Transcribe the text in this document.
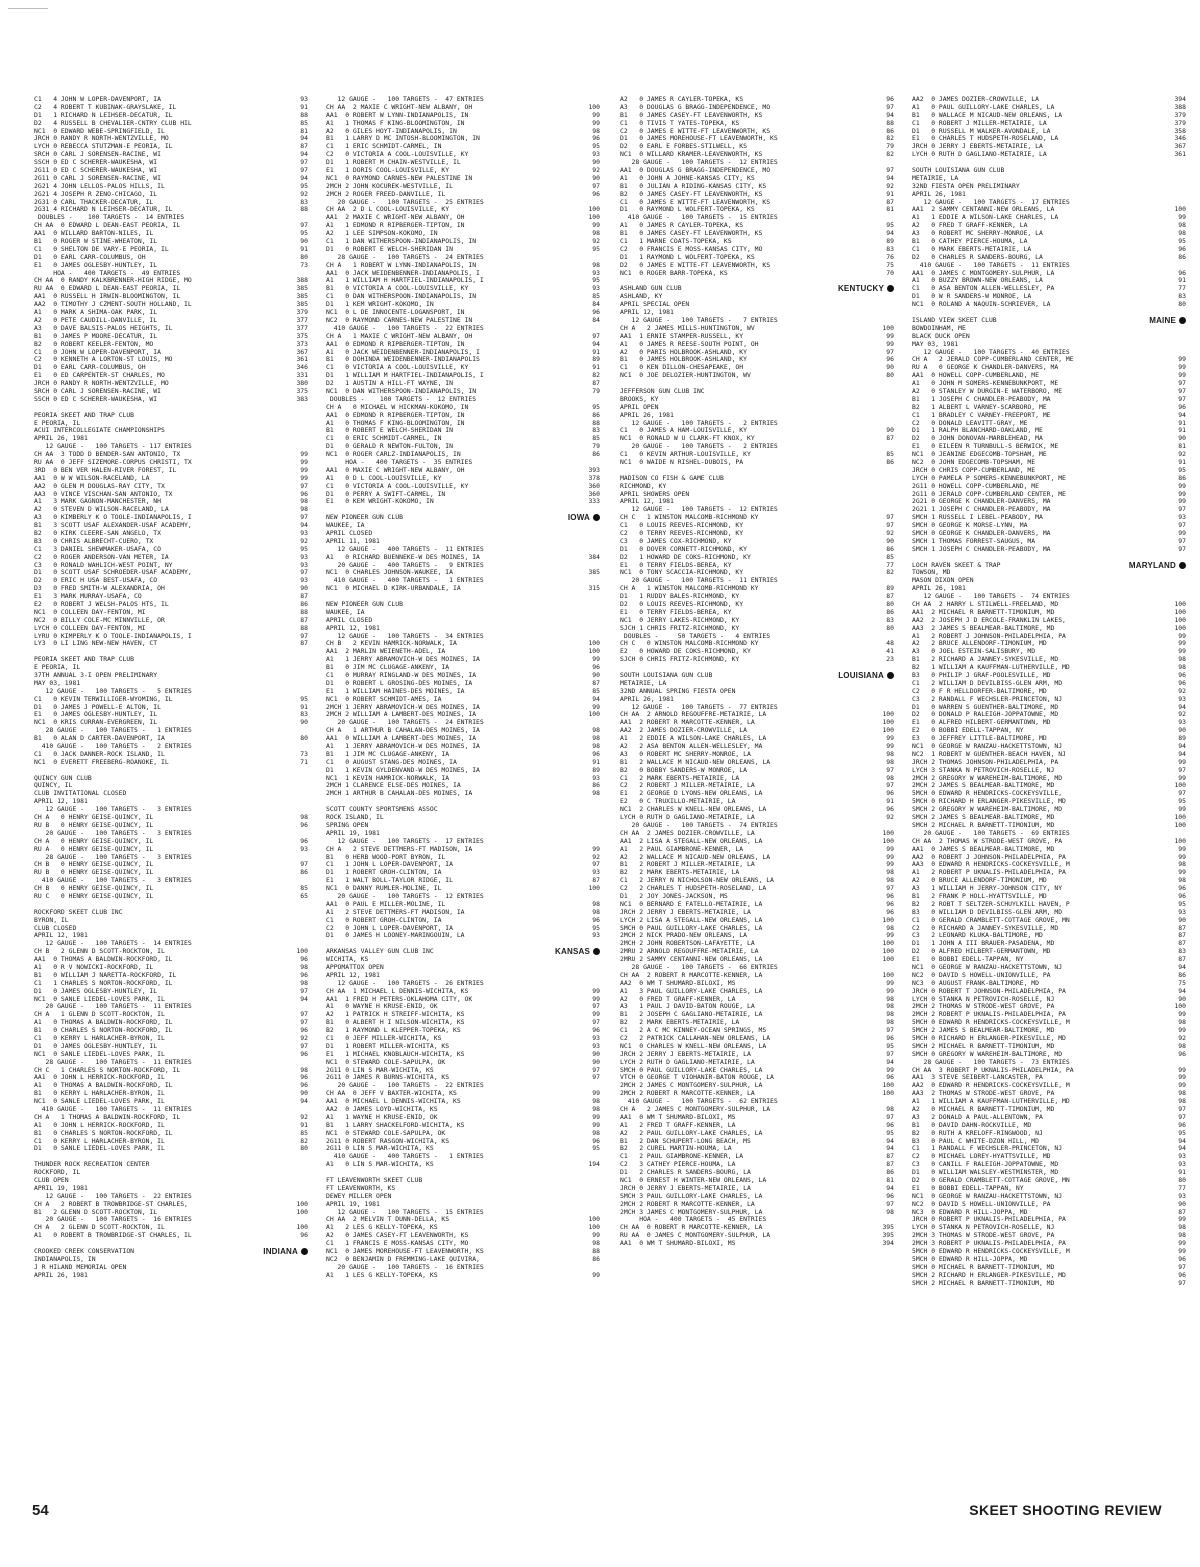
C1   4 JOHN W LOPER-DAVENPORT, IA	93
C2   4 ROBERT T KUBINAK-GRAYSLAKE, IL	91
D1   1 RICHARD N LEIHSER-DECATUR, IL	88
D2   4 RUSSELL B CHEVALIER-CNTRY CLUB HIL	85
NC1  0 EDWARD WEBE-SPRINGFIELD, IL	81
JRCH 0 RANDY R NORTH-WENTZVILLE, MO	94
LYCH 0 REBECCA STUTZMAN-E PEORIA, IL	87
SRCH 0 CARL J SORENSEN-RACINE, WI	94
SSCH 0 ED C SCHERER-WAUKESHA, WI	97
2G11 0 ED C SCHERER-WAUKESHA, WI	97
2G11 0 CARL J SORENSEN-RACINE, WI	94
2G21 4 JOHN LELLOS-PALOS HILLS, IL	95
2G21 4 JOSEPH R ZENO-CHICAGO, IL	92
2G31 0 CARL THACKER-DECATUR, IL	83
2G31 4 RICHARD N LEIHSER-DECATUR, IL	88
DOUBLES -    100 TARGETS -  14 ENTRIES
CH AA  0 EDWARD L DEAN-EAST PEORIA, IL	97
AA1  0 WILLARD BARTON-NILES, IL	95
B1   0 ROGER W STINE-WHEATON, IL	90
C1   0 SHELTON DE VARY-E PEORIA, IL	91
D1   0 EARL CARR-COLUMBUS, OH	80
E1   0 JAMES OGLESBY-HUNTLEY, IL	73
HOA -   400 TARGETS -  49 ENTRIES
CH AA  0 RANDY KALKBRENNER-HIGH RIDGE, MO	388
RU AA  0 EDWARD L DEAN-EAST PEORIA, IL	385
AA1  0 RUSSELL H IRWIN-BLOOMINGTON, IL	385
AA2  0 TIMOTHY J CZMENT-SOUTH HOLLAND, IL	385
A1   0 MARK A SHIMA-OAK PARK, IL	379
A2   0 PETE CAUDILL-DANVILLE, IL	377
A3   0 DAVE BALSIS-PALOS HEIGHTS, IL	377
B1   0 JAMES P MOORE-DECATUR, IL	375
B2   0 ROBERT KEELER-FENTON, MO	373
C1   0 JOHN W LOPER-DAVENPORT, IA	367
C2   0 KENNETH A LORTON-ST LOUIS, MO	361
D1   0 EARL CARR-COLUMBUS, OH	346
E1   0 ED CARPENTER-ST CHARLES, MO	331
JRCH 0 RANDY R NORTH-WENTZVILLE, MO	380
SRCH 0 CARL J SORENSEN-RACINE, WI	375
SSCH 0 ED C SCHERER-WAUKESHA, WI	383
PEORIA SKEET AND TRAP CLUB
E PEORIA, IL
ACUI INTERCOLLEGIATE CHAMPIONSHIPS
APRIL 26, 1981
12 GAUGE -   100 TARGETS - 117 ENTRIES
CH AA  3 TODD D BENDER-SAN ANTONIO, TX	99
RU AA  0 JEFF SIZEMORE-CORPUS CHRISTI, TX	99
3RD  0 BEN VER HALEN-RIVER FOREST, IL	99
AA1  0 W W WILSON-RACELAND, LA	99
AA2  0 GLEN M DOUGLAS-RAY CITY, TX	97
AA3  0 VINCE VISCHAN-SAN ANTONIO, TX	96
A1   3 MARK GAGNON-MANCHESTER, NH	98
A2   0 STEVEN D WILSON-RACELAND, LA	98
A3   0 KIMBERLY K O TOOLE-INDIANAPOLIS, I	97
B1   3 SCOTT USAF ALEXANDER-USAF ACADEMY,	94
B2   0 KIRK CLEERE-SAN ANGELO, TX	93
B3   0 CHRIS ALBRECHT-CUERO, TX	92
C1   3 DANIEL SHEWMAKER-USAFA, CO	95
C2   0 ROGER ANDERSON-VAN METER, IA	93
C3   0 RONALD WAHLICH-WEST POINT, NY	93
D1   0 SCOTT USAF SCHROEDER-USAF ACADEMY,	97
D2   0 ERIC H USA BEST-USAFA, CO	93
D3   0 FRED SMITH-W ALEXANDRIA, OH	90
E1   3 MARK MURRAY-USAFA, CO	87
E2   0 ROBERT J WELSH-PALOS HTS, IL	86
NC1  0 COLLEEN DAY-FENTON, MI	88
NC2  0 BILLY COLE-MC MINNVILLE, OR	87
LYCH 0 COLLEEN DAY-FENTON, MI	88
LYRU 0 KIMPERLY K O TOOLE-INDIANAPOLIS, I	97
LY3  0 LI LING NEW-NEW HAVEN, CT	87
PEORIA SKEET AND TRAP CLUB
E PEORIA, IL
37TH ANNUAL 3-I OPEN PRELIMINARY
MAY 03, 1981
12 GAUGE -   100 TARGETS -   5 ENTRIES
C1   0 KEVIN TERWILLIGER-WYOMING, IL	95
D1   0 JAMES J POWELL-E ALTON, IL	91
E1   0 JAMES OGLESBY-HUNTLEY, IL	83
NC1  0 KRIS CURRAN-EVERGREEN, IL	90
28 GAUGE -   100 TARGETS -   1 ENTRIES
B1   0 ALAN D CARTER-DAVENPORT, IA	80
410 GAUGE -   100 TARGETS -   2 ENTRIES
C1   0 JACK DANNER-ROCK ISLAND, IL	73
NC1  0 EVERETT FREEBERG-ROANOKE, IL	71
QUINCY GUN CLUB
QUINCY, IL
CLUB INVITATIONAL CLOSED
APRIL 12, 1981
12 GAUGE -   100 TARGETS -   3 ENTRIES
CH A   0 HENRY GEISE-QUINCY, IL	98
RU B   0 HENRY GEISE-QUINCY, IL	96
20 GAUGE -   100 TARGETS -   3 ENTRIES
CH A   0 HENRY GEISE-QUINCY, IL	96
RU A   0 HENRY GEISE-QUINCY, IL	93
28 GAUGE -   100 TARGETS -   3 ENTRIES
CH B   0 HENRY GEISE-QUINCY, IL	97
RU B   0 HENRY GEISE-QUINCY, IL	86
410 GAUGE -   100 TARGETS -   3 ENTRIES
CH B   0 HENRY GEISE-QUINCY, IL	85
RU C   0 HENRY GEISE-QUINCY, IL	65
ROCKFORD SKEET CLUB INC
BYRON, IL
CLUB CLOSED
APRIL 12, 1981
12 GAUGE -   100 TARGETS -  14 ENTRIES
CH B   2 GLENN D SCOTT-ROCKTON, IL	100
AA1  0 THOMAS A BALDWIN-ROCKFORD, IL	96
A1   0 R V NOWICKI-ROCKFORD, IL	98
B1   0 WILLIAM J NARETTA-ROCKFORD, IL	96
C1   1 CHARLES S NORTON-ROCKFORD, IL	98
D1   0 JAMES OGLESBY-HUNTLEY, IL	97
NC1  0 SANLE LIEDEL-LOVES PARK, IL	94
20 GAUGE -   100 TARGETS -  11 ENTRIES
CH A   1 GLENN D SCOTT-ROCKTON, IL	97
A1   0 THOMAS A BALDWIN-ROCKFORD, IL	97
B1   0 CHARLES S NORTON-ROCKFORD, IL	96
C1   0 KERRY L HARLACHER-BYRON, IL	92
D1   0 JAMES OGLESBY-HUNTLEY, IL	97
NC1  0 SANLE LIEDEL-LOVES PARK, IL	96
28 GAUGE -   100 TARGETS -  11 ENTRIES
CH C   1 CHARLES S NORTON-ROCKFORD, IL	98
AA1  0 JOHN L HERRICK-ROCKFORD, IL	96
A1   0 THOMAS A BALDWIN-ROCKFORD, IL	96
B1   0 KERRY L HARLACHER-BYRON, IL	90
NC1  0 SANLE LIEDEL-LOVES PARK, IL	94
410 GAUGE -   100 TARGETS -  11 ENTRIES
CH A   1 THOMAS A BALDWIN-ROCKFORD, IL	92
A1   0 JOHN L HERRICK-ROCKFORD, IL	91
B1   0 CHARLES S NORTON-ROCKFORD, IL	85
C1   0 KERRY L HARLACHER-BYRON, IL	82
D1   0 SANLE LIEDEL-LOVES PARK, IL	80
THUNDER ROCK RECREATION CENTER
ROCKFORD, IL
CLUB OPEN
APRIL 19, 1981
12 GAUGE -   100 TARGETS -  22 ENTRIES
CH A   2 ROBERT B TROWBRIDGE-ST CHARLES,	100
B1   2 GLENN D SCOTT-ROCKTON, IL	100
20 GAUGE -   100 TARGETS -  16 ENTRIES
CH A   2 GLENN D SCOTT-ROCKTON, IL	100
A1   0 ROBERT B TROWBRIDGE-ST CHARLES, IL	96
CROOKED CREEK CONSERVATION	INDIANA
INDIANAPOLIS, IN
J R HILAND MEMORIAL OPEN
APRIL 26, 1981
12 GAUGE -   100 TARGETS -  47 ENTRIES
CH AA  2 MAXIE C WRIGHT-NEW ALBANY, OH	100
AA1  0 ROBERT W LYNN-INDIANAPOLIS, IN	99
A1   1 THOMAS F KING-BLOOMINGTON, IN	99
A2   0 GILES HOYT-INDIANAPOLIS, IN	98
B1   1 LARRY D MC INTOSH-BLOOMINGTON, IN	96
C1   1 ERIC SCHMIDT-CARMEL, IN	95
C2   0 VICTORIA A COOL-LOUISVILLE, KY	93
D1   1 ROBERT M CHAIN-WESTVILLE, IL	90
E1   1 DORIS COOL-LOUISVILLE, KY	92
NC1  0 RAYMOND CARNES-NEW PALESTINE IN	90
2MCH 2 JOHN KOCUREK-WESTVILLE, IL	97
2MCH 2 ROGER FREED-DANVILLE, IL	96
20 GAUGE -   100 TARGETS -  25 ENTRIES
CH AA  2 D L COOL-LOUISVILLE, KY	100
AA1  2 MAXIE C WRIGHT-NEW ALBANY, OH	100
A1   1 EDMOND R RIPBERGER-TIPTON, IN	99
A2   1 LEE SIMPSON-KOKOMO, IN	98
C1   1 DAN WITHERSPOON-INDIANAPOLIS, IN	92
D1   0 ROBERT E WELCH-SHERIDAN IN	95
28 GAUGE -   100 TARGETS -  24 ENTRIES
CH A   1 ROBERT W LYNN-INDIANAPOLIS, IN	98
AA1  0 JACK WEIDENBENNER-INDIANAPOLIS, I	93
A1   1 WILLIAM H HARTFIEL-INDIANAPOLIS, I	95
B1   0 VICTORIA A COOL-LOUISVILLE, KY	93
C1   0 DAN WITHERSPOON-INDIANAPOLIS, IN	85
D1   1 KEM WRIGHT-KOKOMO, IN	84
NC1  0 L DE INNOCENTE-LOGANSPORT, IN	96
NC2  0 RAYMOND CARNES-NEW PALESTINE IN	84
410 GAUGE -   100 TARGETS -  22 ENTRIES
CH A   1 MAXIE C WRIGHT-NEW ALBANY, OH	97
AA1  0 EDMOND R RIPBERGER-TIPTON, IN	94
A1   0 JACK WEIDENBENNER-INDIANAPOLIS, I	91
B1   0 DOHINDA WEIDENBENNER-INDIANAPOLIS	89
C1   0 VICTORIA A COOL-LOUISVILLE, KY	91
D1   1 WILLIAM M HARTFIEL-INDIANAPOLIS, I	82
D2   1 AUSTIN A HILL-FT WAYNE, IN	87
NC1  0 DAN WITHERSPOON-INDIANAPOLIS, IN	79
DOUBLES -    100 TARGETS -  12 ENTRIES
CH A   0 MICHAEL W HICKMAN-KOKOMO, IN	95
AA1  0 EDMOND R RIPBERGER-TIPTON, IN	86
A1   0 THOMAS F KING-BLOOMINGTON, IN	88
B1   0 ROBERT E WELCH-SHERIDAN IN	83
C1   0 ERIC SCHMIDT-CARMEL, IN	85
D1   0 GERALD R NEWTON-FULTON, IN	79
NC1  0 ROGER CARLZ-INDIANAPOLIS, IN	86
HOA -   400 TARGETS -  35 ENTRIES
AA1  0 MAXIE C WRIGHT-NEW ALBANY, OH	393
A1   0 D L COOL-LOUISVILLE, KY	378
C1   0 VICTORIA A COOL-LOUISVILLE, KY	360
D1   0 PERRY A SWIFT-CARMEL, IN	360
E1   0 KEM WRIGHT-KOKOMO, IN	333
NEW PIONEER GUN CLUB	IOWA
WAUKEE, IA
APRIL CLOSED
APRIL 11, 1981
12 GAUGE -   400 TARGETS -  11 ENTRIES
A1   0 RICHARD BUENNEKE-W DES MOINES, IA	384
20 GAUGE -   400 TARGETS -   9 ENTRIES
NC1  0 CHARLES JOHNSON-WAUKEE, IA	385
410 GAUGE -   400 TARGETS -   1 ENTRIES
NC1  0 MICHAEL D KIRK-URBANDALE, IA	315
NEW PIONEER GUN CLUB
WAUKEE, IA
APRIL CLOSED
APRIL 12, 1981
12 GAUGE -   100 TARGETS -  34 ENTRIES
CH B   2 KEVIN HAMRICK-NORWALK, IA	100
AA1  2 MARLIN WEIENETH-ADEL, IA	100
A1   1 JERRY ABRAMOVICH-W DES MOINES, IA	99
B1   0 JIM MC CLUGAGE-ANKENY, IA	96
C1   0 MURRAY RINGLAND-W DES MOINES, IA	90
D1   0 ROBERT L GROSING-DES MOINES, IA	87
E1   1 WILLIAM HAINES-DES MOINES, IA	85
NC1  0 ROBERT SCHMIDT-AMES, IA	94
2MCH 1 JERRY ABRAMOVICH-W DES MOINES, IA	99
2MCH 2 WILLIAM A LAMBERT-DES MOINES, IA	100
20 GAUGE -   100 TARGETS -  24 ENTRIES
CH A   1 ARTHUR B CAHALAN-DES MOINES, IA	98
AA1  0 WILLIAM A LAMBERT-DES MOINES, IA	98
A1   1 JERRY ABRAMOVICH-W DES MOINES, IA	98
B1   1 JIM MC CLUGAGE-ANKENY, IA	96
C1   0 AUGUST STANG-DES MOINES, IA	91
D1   1 KEVIN GYLDENVAND-W DES MOINES, IA	89
NC1  1 KEVIN HAMRICK-NORWALK, IA	93
2MCH 1 CLARENCE ELSE-DES MOINES, IA	86
2MCH 1 ARTHUR B CAHALAN-DES MOINES, IA	98
SCOTT COUNTY SPORTSMENS ASSOC
ROCK ISLAND, IL
SPRING OPEN
APRIL 19, 1981
12 GAUGE -   100 TARGETS -  17 ENTRIES
CH A   2 STEVE DETTMERS-FT MADISON, IA	99
B1   0 HERB WOOD-PORT BYRON, IL	92
C1   1 JOHN L LOPER-DAVENPORT, IA	97
D1   1 ROBERT GROH-CLINTON, IA	93
E1   1 WALT BOLL-TAYLOR RIDGE, IL	87
NC1  0 DANNY RUMLER-MOLINE, IL	100
20 GAUGE -   100 TARGETS -  12 ENTRIES
AA1  0 PAUL E MILLER-MOLINE, IL	98
A1   2 STEVE DETTMERS-FT MADISON, IA	98
C1   0 ROBERT GROH-CLINTON, IA	96
C2   0 JOHN L LOPER-DAVENPORT, IA	95
D1   0 JAMES H LOONEY-MARINGOUIN, LA	93
ARKANSAS VALLEY GUN CLUB INC	KANSAS
WICHITA, KS
APPOMATTOX OPEN
APRIL 12, 1981
12 GAUGE -   100 TARGETS -  26 ENTRIES
CH AA  1 MICHAEL L DENNIS-WICHITA, KS	99
AA1  1 FRED H PETERS-OKLAHOMA CITY, OK	99
A1   0 WAYNE H KRUSE-ENID, OK	97
A2   1 PATRICK H STREIFF-WICHITA, KS	99
B1   0 ALBERT H I NILSON-WICHITA, KS	97
B2   1 RAYMOND L KLEPPER-TOPEKA, KS	96
C1   0 JEFF MILLER-WICHITA, KS	93
D1   1 ROBERT MILLER-WICHITA, KS	93
E1   1 MICHAEL KNOBLAUCH-WICHITA, KS	90
NC1  0 STEWARD COLE-SAPULPA, OK	90
2G11 0 LIN S MAR-WICHITA, KS	97
2G11 0 JAMES R BURNS-WICHITA, KS	97
20 GAUGE -   100 TARGETS -  22 ENTRIES
CH AA  0 JEFF V BAXTER-WICHITA, KS	99
AA1  0 MICHAEL L DENNIS-WICHITA, KS	98
AA2  0 JAMES LOYD-WICHITA, KS	98
A1   1 WAYNE H KRUSE-ENID, OK	99
B1   1 LARRY SHACKELFORD-WICHITA, KS	99
NC1  0 STEWARD COLE-SAPULPA, OK	98
2G11 0 ROBERT RASGON-WICHITA, KS	96
2G11 0 LIN S MAR-WICHITA, KS	95
410 GAUGE -   400 TARGETS -   1 ENTRIES
A1   0 LIN S MAR-WICHITA, KS	194
FT LEAVENWORTH SKEET CLUB
FT LEAVENWORTH, KS
DEWEY MILLER OPEN
APRIL 19, 1981
12 GAUGE -   100 TARGETS -  15 ENTRIES
CH AA  2 MELVIN T DUNN-DELLA, KS	100
A1   2 LES G KELLY-TOPEKA, KS	100
A2   0 JAMES CASEY-FT LEAVENWORTH, KS	99
C1   1 FRANCIS E MOSS-KANSAS CITY, MO	98
NC1  0 JAMES MOREHOUSE-FT LEAVENWORTH, KS	88
NC2  0 BENJAMIN D FREMMING-LAKE QUIVIRA,	86
20 GAUGE -   100 TARGETS -  16 ENTRIES
A1   1 LES G KELLY-TOPEKA, KS	99
A2   0 JAMES R CAYLER-TOPEKA, KS	96
A3   0 DOUGLAS G BRAGG-INDEPENDENCE, MO	97
B1   0 JAMES CASEY-FT LEAVENWORTH, KS	94
C1   0 TIVIS T YATES-TOPEKA, KS	88
C2   0 JAMES E WITTE-FT LEAVENWORTH, KS	86
D1   0 JAMES MOREHOUSE-FT LEAVENWORTH, KS	82
D2   0 EARL E FORBES-STILWELL, KS	79
NC1  0 WILLARD KRAMER-LEAVENWORTH, KS	82
28 GAUGE -   100 TARGETS -  12 ENTRIES
AA1  0 DOUGLAS G BRAGG-INDEPENDENCE, MO	97
A1   0 JOHN A JOHNE-KANSAS CITY, KS	94
B1   0 JULIAN A RIDING-KANSAS CITY, KS	92
B2   0 JAMES CASEY-FT LEAVENWORTH, KS	91
C1   0 JAMES E WITTE-FT LEAVENWORTH, KS	87
D1   0 RAYMOND L WOLFERT-TOPEKA, KS	81
410 GAUGE -   100 TARGETS -  15 ENTRIES
A1   0 JAMES R CAYLER-TOPEKA, KS	95
B1   0 JAMES CASEY-FT LEAVENWORTH, KS	94
C1   1 MARNE COATS-TOPEKA, KS	89
C2   0 FRANCIS E MOSS-KANSAS CITY, MO	83
D1   1 RAYMOND L WOLFERT-TOPEKA, KS	76
D2   0 JAMES E WITTE-FT LEAVENWORTH, KS	75
NC1  0 ROGER BARR-TOPEKA, KS	70
ASHLAND GUN CLUB	KENTUCKY
ASHLAND, KY
APRIL SPECIAL OPEN
APRIL 12, 1981
12 GAUGE -   100 TARGETS -   7 ENTRIES
CH A   2 JAMES MILLS-HUNTINGTON, WV	100
AA1  1 ERNIE STAMPER-RUSSELL, KY	99
A1   0 JAMES R REESE-SOUTH POINT, OH	99
A2   0 PARIS HOLBROOK-ASHLAND, KY	97
B1   0 JAMES HOLBROOK-ASHLAND, KY	96
C1   0 KEN DILLON-CHESAPEAKE, OH	90
NC1  0 JOE DELOZIER-HUNTINGTON, WV	80
JEFFERSON GUN CLUB INC
BROOKS, KY
APRIL OPEN
APRIL 26, 1981
12 GAUGE -   100 TARGETS -   2 ENTRIES
C1   0 JAMES A HAM-LOUISVILLE, KY	90
NC1  0 RONALD W U CLARK-FT KNOX, KY	87
20 GAUGE -   100 TARGETS -   2 ENTRIES
C1   0 KEVIN ARTHUR-LOUISVILLE, KY	85
NC1  0 WAIDE N RISHEL-DUBOIS, PA	86
MADISON CO FISH & GAME CLUB
RICHMOND, KY
APRIL SHOWERS OPEN
APRIL 12, 1981
12 GAUGE -   100 TARGETS -  12 ENTRIES
CH C   1 WINSTON MALCOMB-RICHMOND KY	97
C1   0 LOUIS REEVES-RICHMOND, KY	97
C2   0 TERRY REEVES-RICHMOND, KY	92
C3   0 JAMES COX-RICHMOND, KY	90
D1   0 DOVER CORNETT-RICHMOND, KY	86
D2   1 HOWARD DE COKS-RICHMOND, KY	85
E1   0 TERRY FIELDS-BEREA, KY	77
NC1  0 TONY SCACCIA-RICHMOND, KY	82
20 GAUGE -   100 TARGETS -  11 ENTRIES
CH A   1 WINSTON MALCOMB-RICHMOND KY	89
D1   1 RUDDY BALES-RICHMOND, KY	87
D2   0 LOUIS REEVES-RICHMOND, KY	80
E1   0 TERRY FIELDS-BEREA, KY	86
NC1  0 JERRY LAKES-RICHMOND, KY	83
SJCH 1 CHRIS FRITZ-RICHMOND, KY	80
DOUBLES -     50 TARGETS -   4 ENTRIES
CH C   0 WINSTON MALCOMB-RICHMOND KY	48
E2   0 HOWARD DE COKS-RICHMOND, KY	41
SJCH 0 CHRIS FRITZ-RICHMOND, KY	23
SOUTH LOUISIANA GUN CLUB	LOUISIANA
METAIRIE, LA
32ND ANNUAL SPRING FIESTA OPEN
APRIL 26, 1981
12 GAUGE -   100 TARGETS -  77 ENTRIES
CH AA  2 ARNOLD REGOUFFRE-METAIRIE, LA	100
AA1  2 ROBERT R MARCOTTE-KENNER, LA	100
AA2  2 JAMES DOZIER-CROWVILLE, LA	100
A1   2 EDDIE A WILSON-LAKE CHARLES, LA	99
A2   2 ASA BENTON ALLEN-WELLESLEY, MA	99
A3   0 ROBERT MC SHERRY-MONROE, LA	98
B1   2 WALLACE M NICAUD-NEW ORLEANS, LA	98
B2   0 BOBBY SANDERS-W MONROE, LA	97
C1   2 MARK EBERTS-METAIRIE, LA	98
C2   2 ROBERT J MILLER-METAIRIE, LA	97
E1   2 GEORGE D LYONS-NEW ORLEANS, LA	96
E2   0 C TRUXILLO-METAIRIE, LA	91
NC1  2 CHARLES W KNELL-NEW ORLEANS, LA	96
LYCH 0 RUTH D GAGLIANO-METAIRIE, LA	92
20 GAUGE -   100 TARGETS -  74 ENTRIES
CH AA  2 JAMES DOZIER-CROWVILLE, LA	100
AA1  2 LISA A STEGALL-NEW ORLEANS, LA	100
A1   2 PAUL GIAMBRONE-KENNER, LA	99
A2   2 WALLACE M NICAUD-NEW ORLEANS, LA	99
B1   2 ROBERT J MILLER-METAIRIE, LA	99
B2   2 MARK EBERTS-METAIRIE, LA	98
C1   2 JERRY N NICHOLSON-NEW ORLEANS, LA	98
C2   2 CHARLES T HUDSPETH-ROSELAND, LA	97
D1   2 JOY JONES-JACKSON, MS	96
NC1  0 BERNARD E FATELLO-METAIRIE, LA	96
JRCH 2 JERRY J EBERTS-METAIRIE, LA	96
LYCH 2 LISA A STEGALL-NEW ORLEANS, LA	100
SMCH 0 PAUL GUILLORY-LAKE CHARLES, LA	98
2MCH 2 NICK PRADO-NEW ORLEANS, LA	99
2MCH 2 JOHN ROBERTSON-LAFAYETTE, LA	100
2MRU 2 ARNOLD REGOUFFRE-METAIRIE, LA	100
2MRU 2 SAMMY CENTANNI-NEW ORLEANS, LA	100
28 GAUGE -   100 TARGETS -  66 ENTRIES
CH AA  2 ROBERT R MARCOTTE-KENNER, LA	100
AA2  0 WM T SHUMARD-BILOXI, MS	99
A1   3 PAUL GUILLORY-LAKE CHARLES, LA	99
A2   0 FRED T GRAFF-KENNER, LA	98
A3   1 PAUL J DAVID-BATON ROUGE, LA	98
B1   2 JOSEPH C GAGLIANO-METAIRIE, LA	98
B2   2 MARK EBERTS-METAIRIE, LA	98
C1   2 A C MC KINNEY-OCEAN SPRINGS, MS	97
C2   2 PATRICK CALLAHAN-NEW ORLEANS, LA	96
NC1  0 CHARLES W KNELL-NEW ORLEANS, LA	95
JRCH 2 JERRY J EBERTS-METAIRIE, LA	97
LYCH 2 RUTH D GAGLIANO-METAIRIE, LA	94
SMCH 0 PAUL GUILLORY-LAKE CHARLES, LA	99
VTCH 0 GEORGE T VIOHANIR-BATON ROUGE, LA	96
2MCH 2 JAMES C MONTGOMERY-SULPHUR, LA	100
2MCH 2 ROBERT R MARCOTTE-KENNER, LA	100
410 GAUGE -   100 TARGETS -  62 ENTRIES
CH A   2 JAMES C MONTGOMERY-SULPHUR, LA	98
AA1  0 WM T SHUMARD-BILOXI, MS	97
A1   2 FRED T GRAFF-KENNER, LA	96
A2   2 PAUL GUILLORY-LAKE CHARLES, LA	95
B1   2 DAN SCHUPERT-LONG BEACH, MS	94
B2   2 CUREL MARTIN-HOUMA, LA	94
C1   2 PAUL GIAMBRONE-KENNER, LA	87
C2   3 CATHEY PIERCE-HOUMA, LA	87
D1   2 CHARLES R SANDERS-BOURG, LA	86
NC1  0 ERNEST H WINTER-NEW ORLEANS, LA	81
JRCH 0 JERRY J EBERTS-METAIRIE, LA	94
SMCH 3 PAUL GUILLORY-LAKE CHARLES, LA	96
2MCH 2 ROBERT R MARCOTTE-KENNER, LA	97
2MCH 3 JAMES C MONTGOMERY-SULPHUR, LA	98
HOA -   400 TARGETS -  45 ENTRIES
CH AA  0 ROBERT R MARCOTTE-KENNER, LA	395
RU AA  0 JAMES C MONTGOMERY-SULPHUR, LA	395
AA1  0 WM T SHUMARD-BILOXI, MS	394
AA2  0 JAMES DOZIER-CROWVILLE, LA	394
A1   0 PAUL GUILLORY-LAKE CHARLES, LA	388
B1   0 WALLACE M NICAUD-NEW ORLEANS, LA	379
C1   0 ROBERT J MILLER-METAIRIE, LA	379
D1   0 RUSSELL M WALKER-AVONDALE, LA	358
E1   0 CHARLES T HUDSPETH-ROSELAND, LA	346
JRCH 0 JERRY J EBERTS-METAIRIE, LA	367
LYCH 0 RUTH D GAGLIANO-METAIRIE, LA	361
SOUTH LOUISIANA GUN CLUB
METAIRIE, LA
32ND FIESTA OPEN PRELIMINARY
APRIL 26, 1981
12 GAUGE -   100 TARGETS -  17 ENTRIES
AA1  2 SAMMY CENTANNI-NEW ORLEANS, LA	100
A1   1 EDDIE A WILSON-LAKE CHARLES, LA	99
A2   0 FRED T GRAFF-KENNER, LA	98
A3   0 ROBERT MC SHERRY-MONROE, LA	98
B1   0 CATHEY PIERCE-HOUMA, LA	95
C1   0 MARK EBERTS-METAIRIE, LA	96
D2   0 CHARLES R SANDERS-BOURG, LA	86
410 GAUGE -   100 TARGETS -  11 ENTRIES
AA1  0 JAMES C MONTGOMERY-SULPHUR, LA	96
A1   0 BUZZY BROWN-NEW ORLEANS, LA	91
C1   0 ASA BENTON ALLEN-WELLESLEY, PA	77
D1   0 W R SANDERS-W MONROE, LA	83
NC1  0 ROLAND A NAQUIN-SCHRIEVER, LA	80
ISLAND VIEW SKEET CLUB	MAINE
BOWDOINHAM, ME
BLACK DUCK OPEN
MAY 03, 1981
12 GAUGE -   100 TARGETS -  40 ENTRIES
CH A   2 JERALD COPP-CUMBERLAND CENTER, ME	99
RU A   0 GEORGE K CHANDLER-DANVERS, MA	99
AA1  0 HOWELL COPP-CUMBERLAND, ME	99
A1   0 JOHN M SOMERS-KENNEBUNKPORT, ME	97
A2   0 STANLEY W DURGIN-E WATERBORO, ME	97
B1   1 JOSEPH C CHANDLER-PEABODY, MA	97
B2   1 ALBERT L VARNEY-SCARBORO, ME	96
C1   1 BRADLEY C VARNEY-FREEPORT, ME	94
C2   0 DONALD LEAVITT-GRAY, ME	91
D1   1 RALPH BLANCHARD-OAKLAND, ME	91
D2   0 JOHN DONOVAN-MARBLEHEAD, MA	90
E1   0 EILEEN R TURNBULL-S BERWICK, ME	81
NC1  0 JEANINE EDGECOMB-TOPSHAM, ME	92
NC2  0 JOHN EDGECOMB-TOPSHAM, ME	91
JRCH 0 CHRIS COPP-CUMBERLAND, ME	95
LYCH 0 PAMELA P SOMERS-KENNEBUNKPORT, ME	86
2G11 0 HOWELL COPP-CUMBERLAND, ME	99
2G11 0 JERALD COPP-CUMBERLAND CENTER, ME	99
2G21 0 GEORGE K CHANDLER-DANVERS, MA	99
2G21 1 JOSEPH C CHANDLER-PEABODY, MA	97
SMCH 1 RUSSELL I LEBEL-PEABODY, MA	93
SMCH 0 GEORGE K MORSE-LYNN, MA	97
SMCH 0 GEORGE K CHANDLER-DANVERS, MA	99
SMCH 1 THOMAS FORREST-SAUGUS, MA	97
SMCH 1 JOSEPH C CHANDLER-PEABODY, MA	97
LOCH RAVEN SKEET & TRAP	MARYLAND
TOWSON, MD
MASON DIXON OPEN
APRIL 26, 1981
12 GAUGE -   100 TARGETS -  74 ENTRIES
CH AA  2 HARRY L STILWELL-FREELAND, MD	100
AA1  2 MICHAEL R BARNETT-TIMONIUM, MD	100
AA2  2 JOSEPH J D ERCOLE-FRANKLIN LAKES,	100
AA3  2 JAMES S BEALMEAR-BALTIMORE, MD	100
A1   2 ROBERT J JOHNSON-PHILADELPHIA, PA	99
A2   2 BRUCE ALLENDORF-TIMONIUM, MD	99
A3   0 JOEL ESTEIN-SALISBURY, MD	99
B1   2 RICHARD A JANNEY-SYKESVILLE, MD	98
B2   1 WILLIAM A KAUFFMAN-LUTHERVILLE, MD	98
B3   0 PHILIP J GRAF-POOLESVILLE, MD	96
C1   2 WILLIAM D DEVILBISS-GLEN ARM, MD	96
C2   0 F R HELLDORFER-BALTIMORE, MD	92
C3   2 RANDALL F WECHSLER-PRINCETON, NJ	93
D1   0 WARREN S GUENTHER-BALTIMORE, MD	94
D2   0 DONALD P RALEIGH-JOPPATOWNE, MD	92
E1   0 ALFRED HILBERT-GERMANTOWN, MD	93
E2   0 BOBBI EDELL-TAPPAN, NY	90
E3   0 JEFFREY LITTLE-BALTIMORE, MD	89
NC1  0 GEORGE W RANZAU-HACKETTSTOWN, NJ	94
NC2  1 ROBERT W GUENTHER-BEACH HAVEN, NJ	94
JRCH 2 THOMAS JOHNSON-PHILADELPHIA, PA	99
LYCH 3 STANKA N PETROVICH-ROSELLE, NJ	97
2MCH 2 GREGORY W WAREHEIM-BALTIMORE, MD	99
2MCH 2 JAMES S BEALMEAR-BALTIMORE, MD	100
5MCH 0 EDWARD R HENDRICKS-COCKEYSVILLE,	97
5MCH 0 RICHARD H ERLANGER-PIKESVILLE, MD	95
SMCH 2 GREGORY W WAREHEIM-BALTIMORE, MD	99
SMCH 2 JAMES S BEALMEAR-BALTIMORE, MD	100
SMCH 2 MICHAEL R BARNETT-TIMONIUM, MD	100
20 GAUGE -   100 TARGETS -  69 ENTRIES
CH AA  2 THOMAS W STRODE-WEST GROVE, PA	100
AA1  0 JAMES S BEALMEAR-BALTIMORE, MD	99
AA2  0 ROBERT J JOHNSON-PHILADELPHIA, PA	99
AA3  0 EDWARD R HENDRICKS-COCKEYSVILLE, M	98
A1   2 ROBERT P UKNALIS-PHILADELPHIA, PA	99
A2   0 BRUCE ALLENDORF-TIMONIUM, MD	98
A3   1 WILLIAM H JERRY-JOHNSON CITY, NY	96
B1   2 FRANK P HOLL-HYATTSVILLE, MD	96
B2   2 ROBT T SELTZER-SCHUYLKILL HAVEN, P	95
B3   0 WILLIAM D DEVILBISS-GLEN ARM, MD	93
C1   0 GERALD CRAMBLETT-COTTAGE GROVE, MN	90
C2   0 RICHARD A JANNEY-SYKESVILLE, MD	87
C3   2 LEONARD KLUKA-BALTIMORE, MD	87
D1   1 JOHN A III BRAUER-PASADENA, MD	87
D2   0 ALFRED HILBERT-GERMANTOWN, MD	83
E1   0 BOBBI EDELL-TAPPAN, NY	87
NC1  0 GEORGE W RANZAU-HACKETTSTOWN, NJ	94
NC2  0 DAVID S HOWELL-UNIONVILLE, PA	86
NC3  0 AUGUST FRANK-BALTIMORE, MD	75
JRCH 0 ROBERT T JOHNSON-PHILADELPHIA, PA	94
LYCH 0 STANKA N PETROVICH-ROSELLE, NJ	90
2MCH 2 THOMAS W STRODE-WEST GROVE, PA	100
2MCH 2 ROBERT P UKNALIS-PHILADELPHIA, PA	99
5MCH 0 EDWARD R HENDRICKS-COCKEYSVILLE, M	98
5MCH 2 JAMES S BEALMEAR-BALTIMORE, MD	99
5MCH 0 RICHARD H ERLANGER-PIKESVILLE, MD	92
SMCH 2 MICHAEL R BARNETT-TIMONIUM, MD	98
SMCH 0 GREGORY W WAREHEIM-BALTIMORE, MD	96
28 GAUGE -   100 TARGETS -  73 ENTRIES
CH AA  3 ROBERT P UKNALIS-PHILADELPHIA, PA	99
AA1  3 STEVE SEIBERT-LANCASTER, PA	99
AA2  0 EDWARD R HENDRICKS-COCKEYSVILLE, M	99
AA3  2 THOMAS W STRODE-WEST GROVE, PA	98
A1   1 WILLIAM A KAUFFMAN-LUTHERVILLE, MD	98
A2   0 MICHAEL R BARNETT-TIMONIUM, MD	97
A3   2 DONALD A PAUL-ALLENTOWN, PA	97
B1   0 DAVID DAHN-ROCKVILLE, MD	96
B2   0 RUTH A KRELOFF-RINGWOOD, NJ	95
B3   0 PAUL C WHITE-DZON HILL, MD	94
C1   1 RANDALL F WECHSLER-PRINCETON, NJ	94
C2   0 MICHAEL LOREY-HYATTSVILLE, MD	93
C3   0 CANILL F RALEIGH-JOPPATOWNE, MD	93
D1   0 WILLIAM WALSLEY-WESTMINSTER, MD	91
D2   0 GERALD CRAMBLETT-COTTAGE GROVE, MN	80
E1   0 BOBBI EDELL-TAPPAN, NY	77
NC1  0 GEORGE W RANZAU-HACKETTSTOWN, NJ	93
NC2  0 DAVID S HOWELL-UNIONVILLE, PA	90
NC3  0 EDWARD R HILL-JOPPA, MD	87
JRCH 0 ROBERT P UKNALIS-PHILADELPHIA, PA	99
LYCH 0 STANKA N PETROVICH-ROSELLE, NJ	98
2MCH 3 THOMAS W STRODE-WEST GROVE, PA	98
2MCH 3 ROBERT P UKNALIS-PHILADELPHIA, PA	99
5MCH 0 EDWARD R HENDRICKS-COCKEYSVILLE, M	99
5MCH 0 EDWARD R HILL-JOPPA, MD	96
SMCH 0 MICHAEL R BARNETT-TIMONIUM, MD	97
SMCH 2 RICHARD H ERLANGER-PIKESVILLE, MD	96
SMCH 2 MICHAEL R BARNETT-TIMONIUM, MD	97
54	SKEET SHOOTING REVIEW
